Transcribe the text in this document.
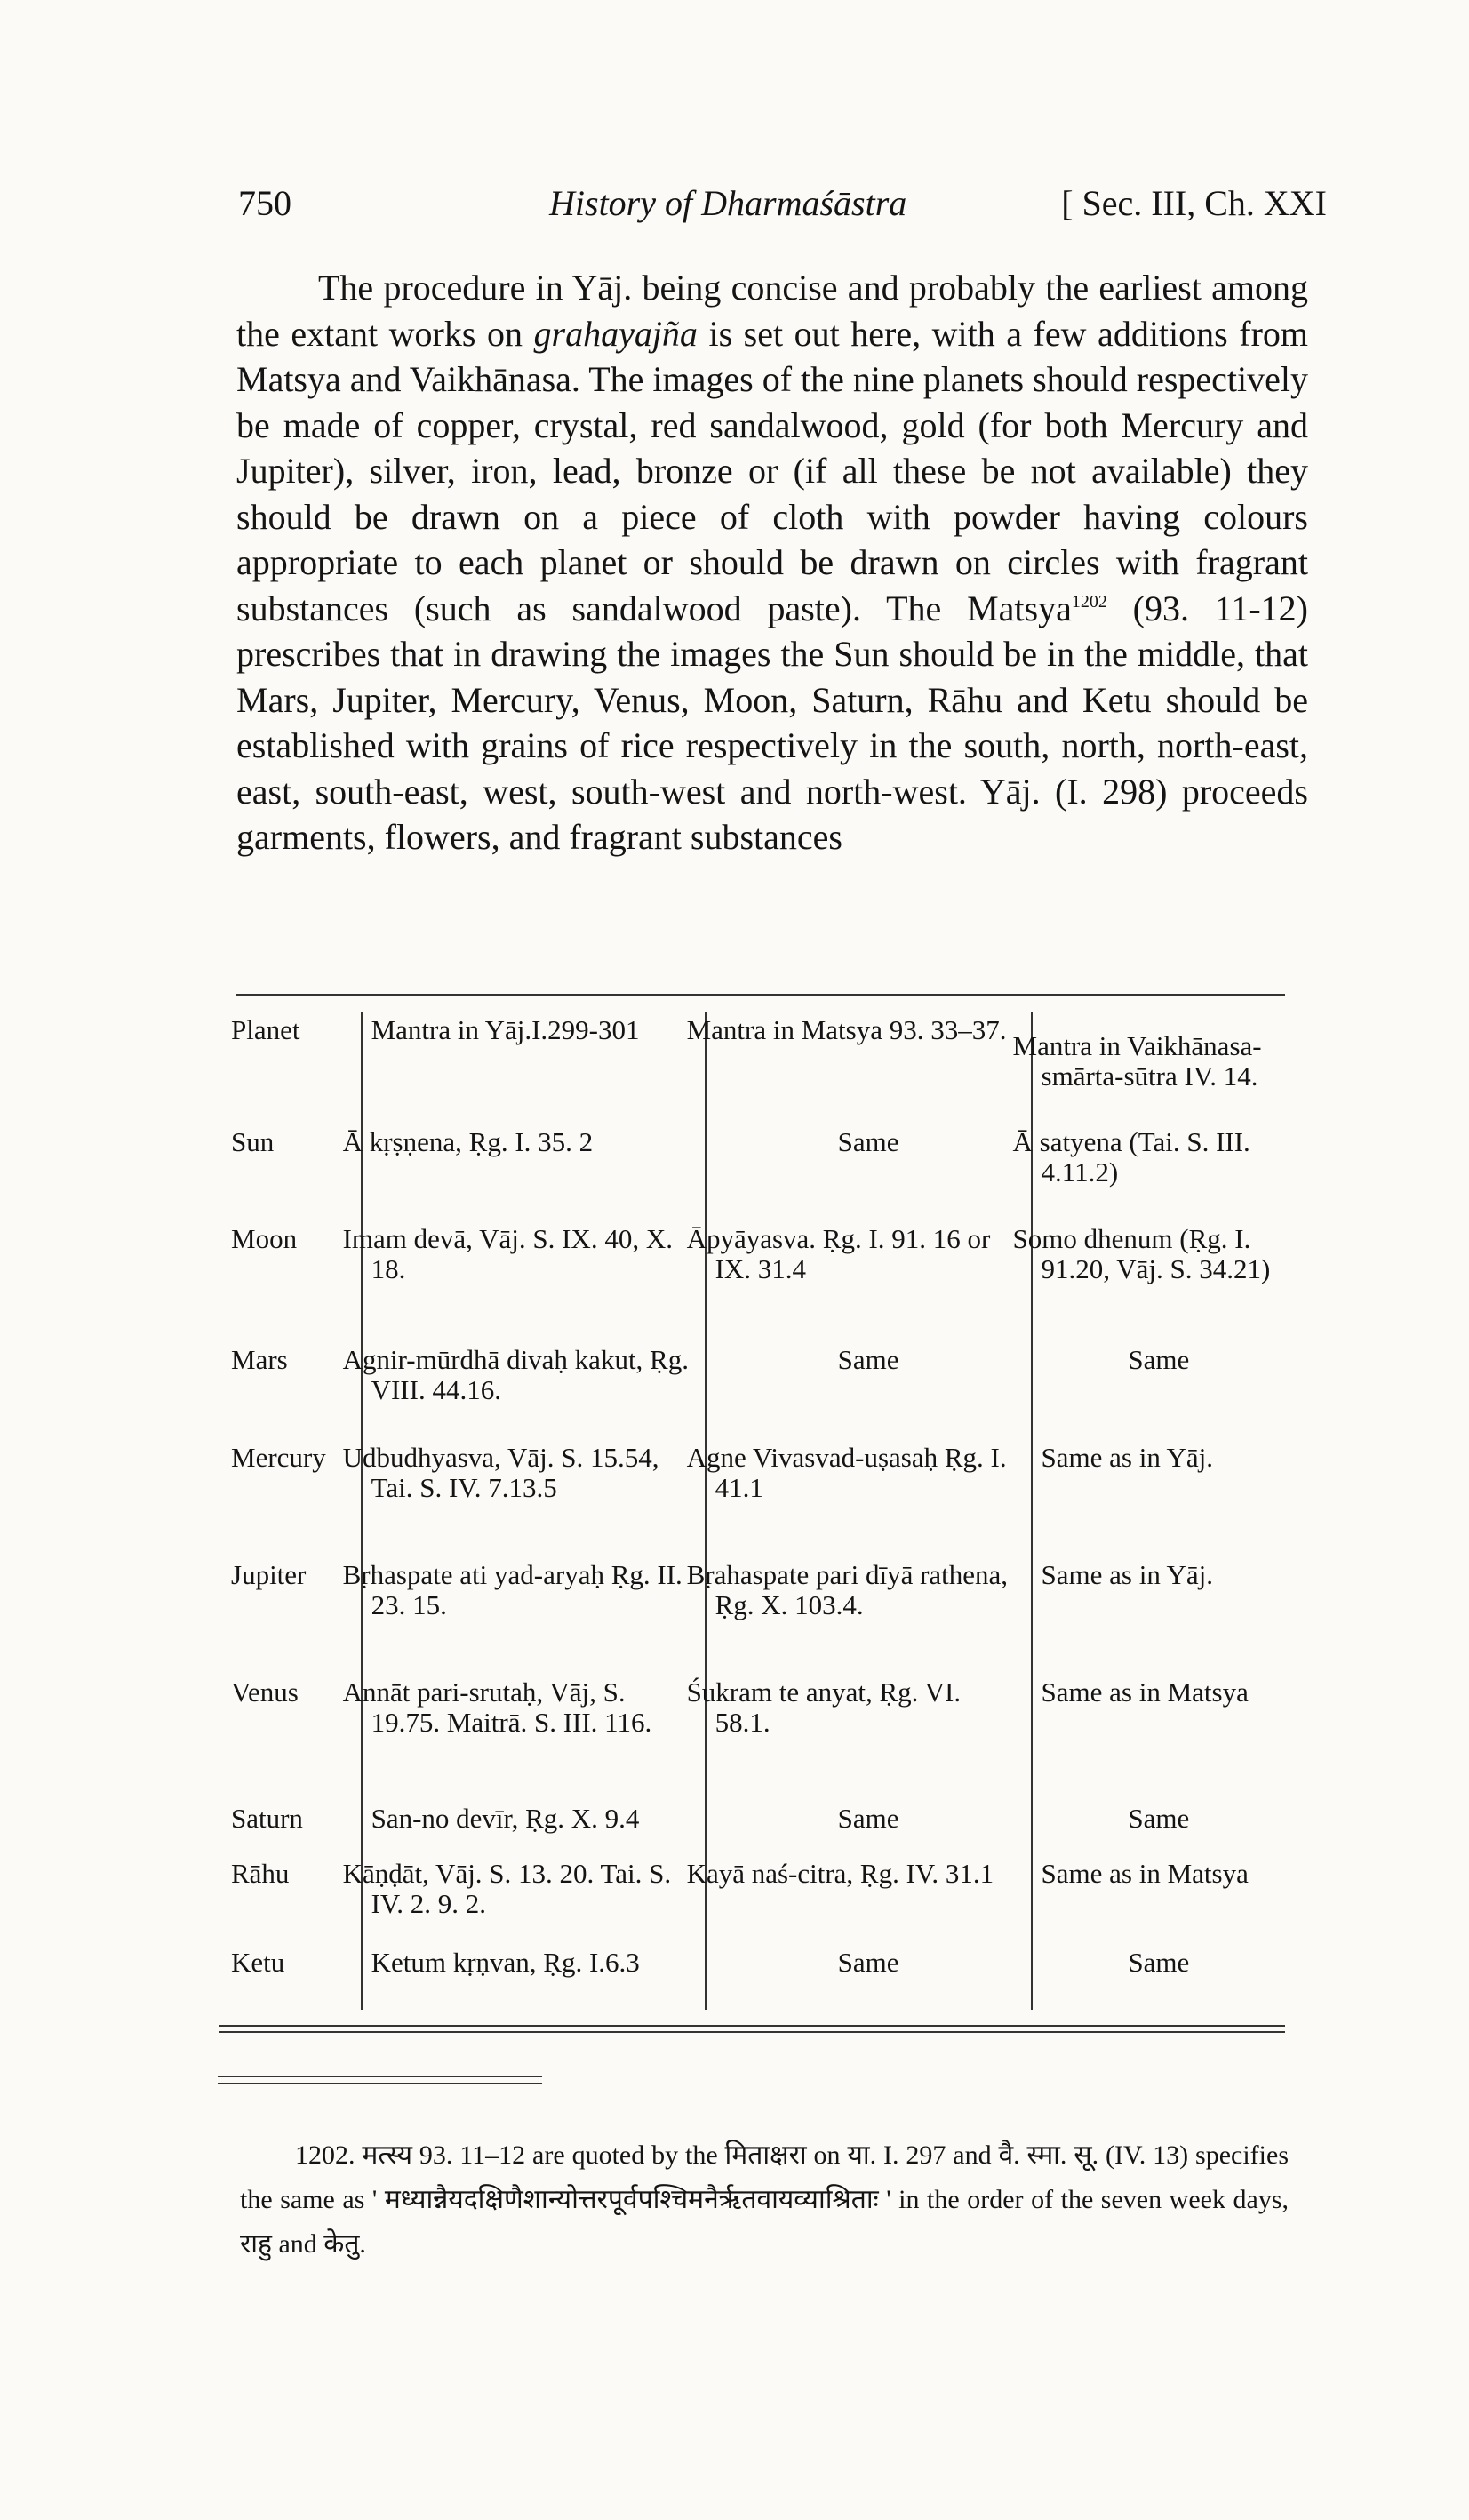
750	History of Dharmaśāstra	[ Sec. III, Ch. XXI

The procedure in Yāj. being concise and probably the earliest among the extant works on grahayajña is set out here, with a few additions from Matsya and Vaikhānasa. The images of the nine planets should respectively be made of copper, crystal, red sandalwood, gold (for both Mercury and Jupiter), silver, iron, lead, bronze or (if all these be not available) they should be drawn on a piece of cloth with powder having colours appropriate to each planet or should be drawn on circles with fragrant substances (such as sandalwood paste). The Matsya$^{1202}$ (93. 11-12) prescribes that in drawing the images the Sun should be in the middle, that Mars, Jupiter, Mercury, Venus, Moon, Saturn, Rāhu and Ketu should be established with grains of rice respectively in the south, north, north-east, east, south-east, west, south-west and north-west. Yāj. (I. 298) proceeds garments, flowers, and fragrant substances

Planet	Mantra in Yāj.I.299-301	Mantra in Matsya 93. 33–37.	Mantra in Vaikhānasa-smārta-sūtra IV. 14.
Sun	Ā kṛṣṇena, Ṛg. I. 35. 2	Same	Ā satyena (Tai. S. III. 4.11.2)
Moon	Imam devā, Vāj. S. IX. 40, X. 18.	Āpyāyasva. Ṛg. I. 91. 16 or IX. 31.4	Somo dhenum (Ṛg. I. 91.20, Vāj. S. 34.21)
Mars	Agnir-mūrdhā divaḥ kakut, Ṛg. VIII. 44.16.	Same	Same
Mercury	Udbudhyasva, Vāj. S. 15.54, Tai. S. IV. 7.13.5	Agne Vivasvad-uṣasaḥ Ṛg. I. 41.1	Same as in Yāj.
Jupiter	Bṛhaspate ati yad-aryaḥ Ṛg. II. 23. 15.	Bṛahaspate pari dīyā rathena, Ṛg. X. 103.4.	Same as in Yāj.
Venus	Annāt pari-srutaḥ, Vāj, S. 19.75. Maitrā. S. III. 116.	Śukram te anyat, Ṛg. VI. 58.1.	Same as in Matsya
Saturn	San-no devīr, Ṛg. X. 9.4	Same	Same
Rāhu	Kāṇḍāt, Vāj. S. 13. 20. Tai. S. IV. 2. 9. 2.	Kayā naś-citra, Ṛg. IV. 31.1	Same as in Matsya
Ketu	Ketum kṛṇvan, Ṛg. I.6.3	Same	Same
1202. मत्स्य 93. 11–12 are quoted by the मिताक्षरा on या. I. 297 and वै. स्मा. सू. (IV. 13) specifies the same as ' मध्यान्नैयदक्षिणैशान्योत्तरपूर्वपश्चिमनैर्ऋतवायव्याश्रिताः ' in the order of the seven week days, राहु and केतु.
